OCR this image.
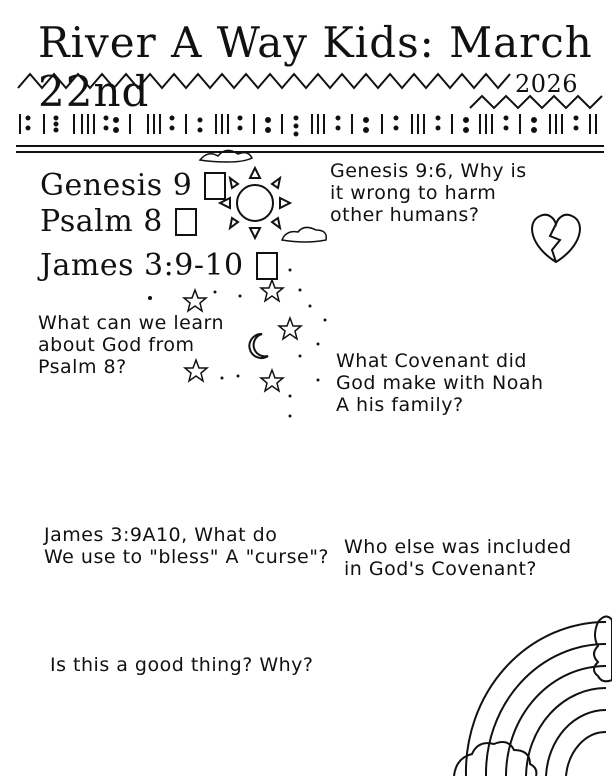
River A Way Kids: March 22nd	2026
Genesis 9
Psalm 8
James 3:9-10
Genesis 9:6, Why is
it wrong to harm
other humans?
What can we learn
about God from
Psalm 8?	What Covenant did
God make with Noah
A his family?
James 3:9A10, What do
We use to "bless" A "curse"? Who else was included
in God's Covenant?
Is this a good thing? Why?
